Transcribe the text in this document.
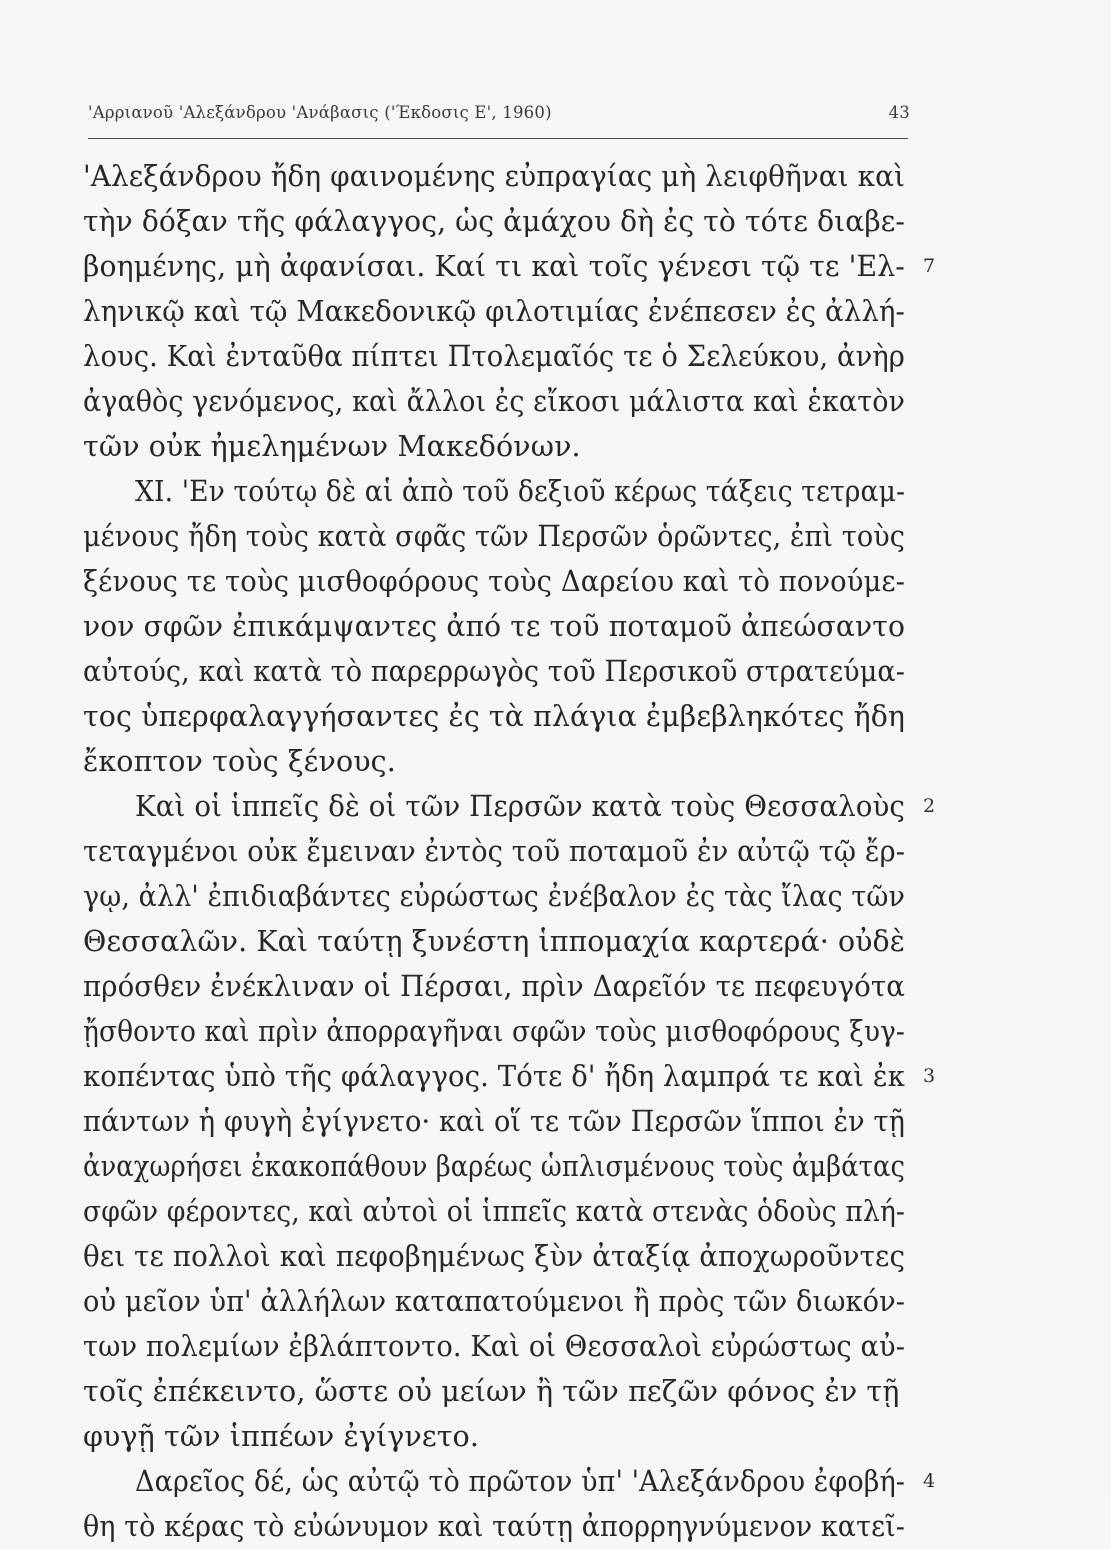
'Αρριανοῦ 'Αλεξάνδρου 'Ανάβασις ('Έκδοσις Ε', 1960)	43
'Αλεξάνδρου ἤδη φαινομένης εὐπραγίας μὴ λειφθῆναι καὶ
τὴν δόξαν τῆς φάλαγγος, ὡς ἀμάχου δὴ ἐς τὸ τότε διαβε-
βοημένης, μὴ ἀφανίσαι. Καί τι καὶ τοῖς γένεσι τῷ τε 'Ελ- 7
ληνικῷ καὶ τῷ Μακεδονικῷ φιλοτιμίας ἐνέπεσεν ἐς ἀλλή-
λους. Καὶ ἐνταῦθα πίπτει Πτολεμαῖός τε ὁ Σελεύκου, ἀνὴρ
ἀγαθὸς γενόμενος, καὶ ἄλλοι ἐς εἴκοσι μάλιστα καὶ ἑκατὸν
τῶν οὐκ ἠμελημένων Μακεδόνων.
XI. 'Εν τούτῳ δὲ αἱ ἀπὸ τοῦ δεξιοῦ κέρως τάξεις τετραμ-
μένους ἤδη τοὺς κατὰ σφᾶς τῶν Περσῶν ὁρῶντες, ἐπὶ τοὺς
ξένους τε τοὺς μισθοφόρους τοὺς Δαρείου καὶ τὸ πονούμε-
νον σφῶν ἐπικάμψαντες ἀπό τε τοῦ ποταμοῦ ἀπεώσαντο
αὐτούς, καὶ κατὰ τὸ παρερρωγὸς τοῦ Περσικοῦ στρατεύμα-
τος ὑπερφαλαγγήσαντες ἐς τὰ πλάγια ἐμβεβληκότες ἤδη
ἔκοπτον τοὺς ξένους.
Καὶ οἱ ἱππεῖς δὲ οἱ τῶν Περσῶν κατὰ τοὺς Θεσσαλοὺς 2
τεταγμένοι οὐκ ἔμειναν ἐντὸς τοῦ ποταμοῦ ἐν αὐτῷ τῷ ἔρ-
γῳ, ἀλλ' ἐπιδιαβάντες εὐρώστως ἐνέβαλον ἐς τὰς ἴλας τῶν
Θεσσαλῶν. Καὶ ταύτῃ ξυνέστη ἱππομαχία καρτερά· οὐδὲ
πρόσθεν ἐνέκλιναν οἱ Πέρσαι, πρὶν Δαρεῖόν τε πεφευγότα
ᾔσθοντο καὶ πρὶν ἀπορραγῆναι σφῶν τοὺς μισθοφόρους ξυγ-
κοπέντας ὑπὸ τῆς φάλαγγος. Τότε δ' ἤδη λαμπρά τε καὶ ἐκ 3
πάντων ἡ φυγὴ ἐγίγνετο· καὶ οἵ τε τῶν Περσῶν ἵπποι ἐν τῇ
ἀναχωρήσει ἐκακοπάθουν βαρέως ὡπλισμένους τοὺς ἀμβάτας
σφῶν φέροντες, καὶ αὐτοὶ οἱ ἱππεῖς κατὰ στενὰς ὁδοὺς πλή-
θει τε πολλοὶ καὶ πεφοβημένως ξὺν ἀταξίᾳ ἀποχωροῦντες
οὐ μεῖον ὑπ' ἀλλήλων καταπατούμενοι ἢ πρὸς τῶν διωκόν-
των πολεμίων ἐβλάπτοντο. Καὶ οἱ Θεσσαλοὶ εὐρώστως αὐ-
τοῖς ἐπέκειντο, ὥστε οὐ μείων ἢ τῶν πεζῶν φόνος ἐν τῇ
φυγῇ τῶν ἱππέων ἐγίγνετο.
Δαρεῖος δέ, ὡς αὐτῷ τὸ πρῶτον ὑπ' 'Αλεξάνδρου ἐφοβή- 4
θη τὸ κέρας τὸ εὐώνυμον καὶ ταύτῃ ἀπορρηγνύμενον κατεῖ-
